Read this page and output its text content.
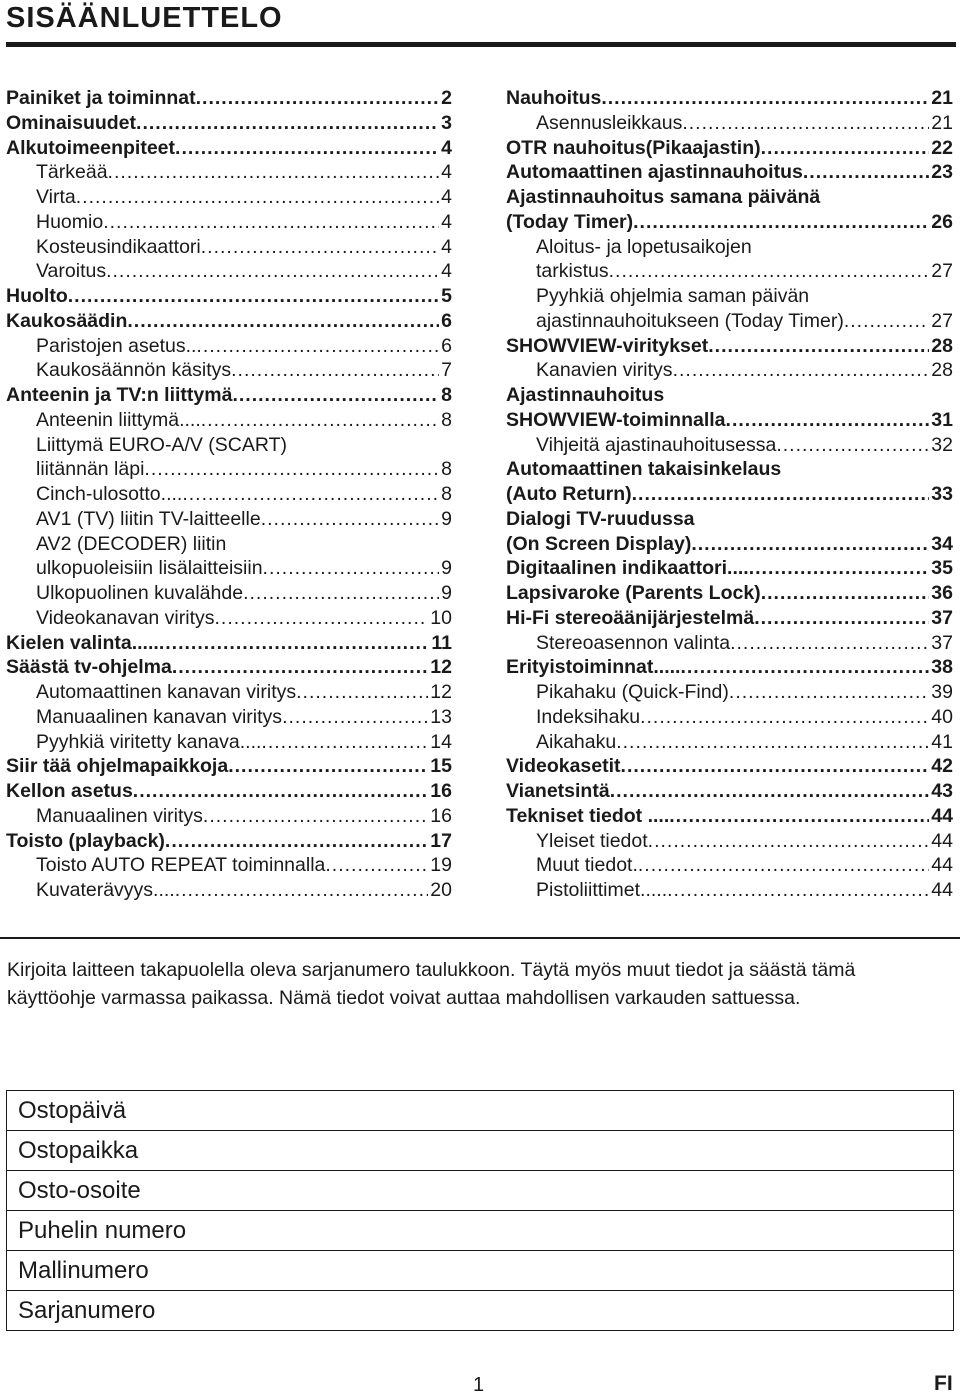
SISÄÄNLUETTELO
Painiket ja toiminnat .....	2
Ominaisuudet .....	3
Alkutoimeenpiteet .....	4
Tärkeää .....	4
Virta .....	4
Huomio .....	4
Kosteusindikaattori .....	4
Varoitus .....	4
Huolto .....	5
Kaukosäädin .....	6
Paristojen asetus.. .....	6
Kaukosäännön käsitys .....	7
Anteenin ja TV:n liittymä .....	8
Anteenin liittymä.... .....	8
Liittymä EURO-A/V (SCART)
liitännän läpi .....	8
Cinch-ulosotto.... .....	8
AV1 (TV) liitin TV-laitteelle .....	9
AV2 (DECODER) liitin
ulkopuoleisiin lisälaitteisiin .....	9
Ulkopuolinen kuvalähde .....	9
Videokanavan viritys .....	10
Kielen valinta..... .....	11
Säästä tv-ohjelma .....	12
Automaattinen kanavan viritys .....	12
Manuaalinen kanavan viritys .....	13
Pyyhkiä viritetty kanava.... .....	14
Siir tää ohjelmapaikkoja .....	15
Kellon asetus .....	16
Manuaalinen viritys .....	16
Toisto (playback) .....	17
Toisto AUTO REPEAT toiminnalla .....	19
Kuvaterävyys.... .....	20
Nauhoitus .....	21
Asennusleikkaus .....	21
OTR nauhoitus(Pikaajastin) .....	22
Automaattinen ajastinnauhoitus .....	23
Ajastinnauhoitus samana päivänä
(Today Timer) .....	26
Aloitus- ja lopetusaikojen
tarkistus .....	27
Pyyhkiä ohjelmia saman päivän
ajastinnauhoitukseen (Today Timer) .....	27
SHOWVIEW-viritykset .....	28
Kanavien viritys .....	28
Ajastinnauhoitus
SHOWVIEW-toiminnalla .....	31
Vihjeitä ajastinauhoitusessa .....	32
Automaattinen takaisinkelaus
(Auto Return) .....	33
Dialogi TV-ruudussa
(On Screen Display) .....	34
Digitaalinen indikaattori.... .....	35
Lapsivaroke (Parents Lock) .....	36
Hi-Fi stereoäänijärjestelmä .....	37
Stereoasennon valinta .....	37
Erityistoiminnat..... .....	38
Pikahaku (Quick-Find) .....	39
Indeksihaku .....	40
Aikahaku .....	41
Videokasetit .....	42
Vianetsintä .....	43
Tekniset tiedot .... .....	44
Yleiset tiedot .....	44
Muut tiedot. .....	44
Pistoliittimet..... .....	44
Kirjoita laitteen takapuolella oleva sarjanumero taulukkoon. Täytä myös muut tiedot ja säästä tämä käyttöohje varmassa paikassa. Nämä tiedot voivat auttaa mahdollisen varkauden sattuessa.
Ostopäivä
Ostopaikka
Osto-osoite
Puhelin numero
Mallinumero
Sarjanumero
1	FI
